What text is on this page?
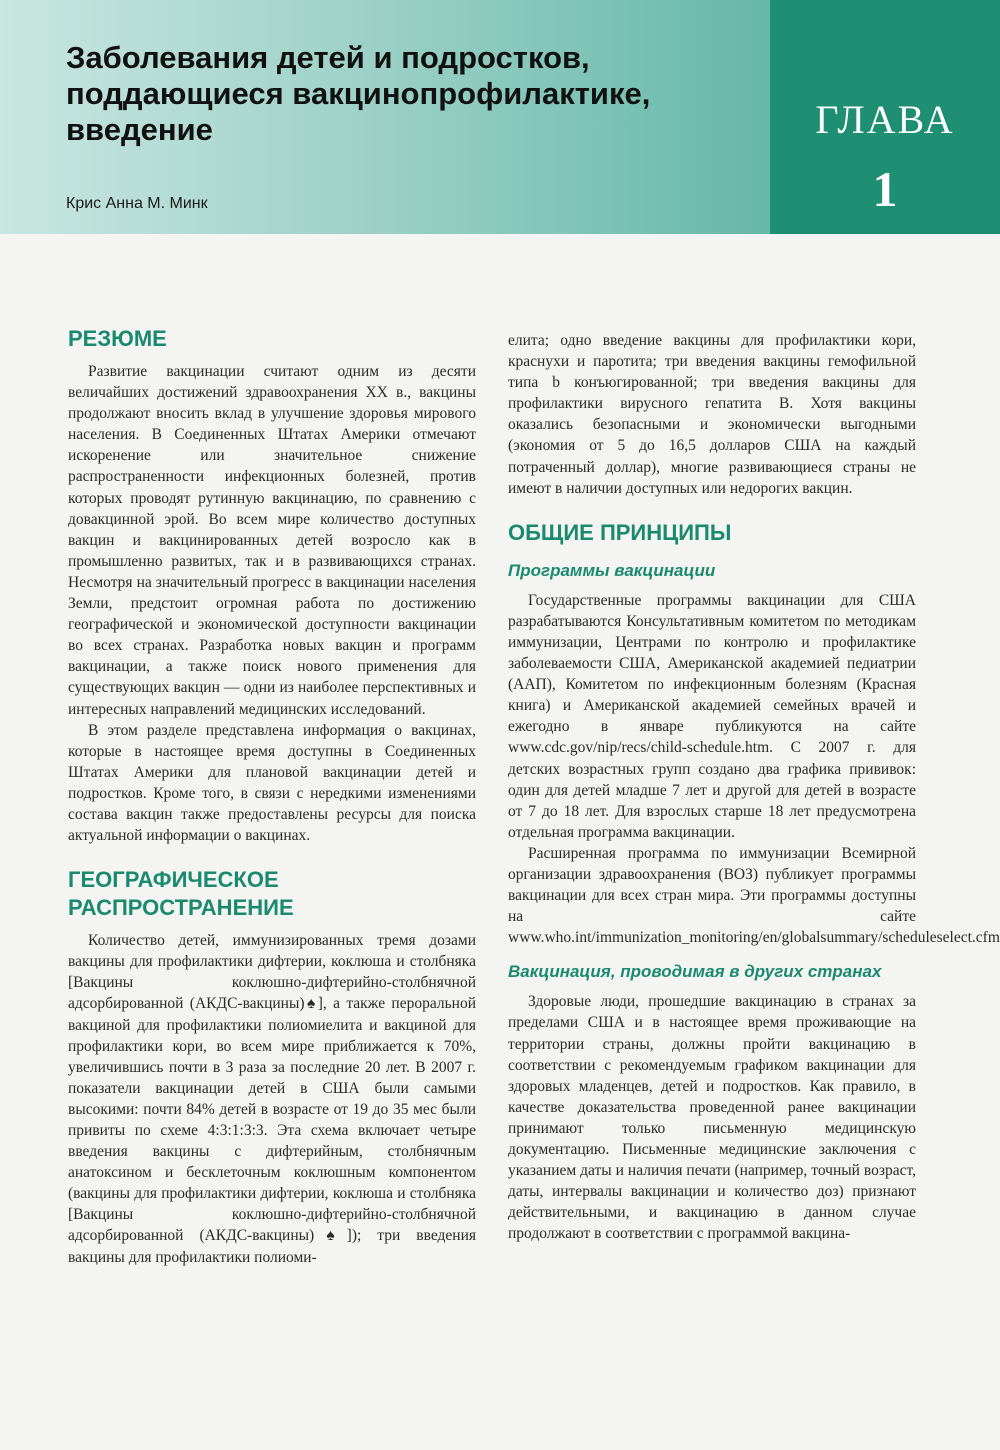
Заболевания детей и подростков,
поддающиеся вакцинопрофилактике,
введение
Крис Анна М. Минк
ГЛАВА
1
РЕЗЮМЕ

Развитие вакцинации считают одним из десяти величайших достижений здравоохранения XX в., вакцины продолжают вносить вклад в улучшение здоровья мирового населения. В Соединенных Штатах Америки отмечают искоренение или значительное снижение распространенности инфекционных болезней, против которых проводят рутинную вакцинацию, по сравнению с довакцинной эрой. Во всем мире количество доступных вакцин и вакцинированных детей возросло как в промышленно развитых, так и в развивающихся странах. Несмотря на значительный прогресс в вакцинации населения Земли, предстоит огромная работа по достижению географической и экономической доступности вакцинации во всех странах. Разработка новых вакцин и программ вакцинации, а также поиск нового применения для существующих вакцин — одни из наиболее перспективных и интересных направлений медицинских исследований.

В этом разделе представлена информация о вакцинах, которые в настоящее время доступны в Соединенных Штатах Америки для плановой вакцинации детей и подростков. Кроме того, в связи с нередкими изменениями состава вакцин также предоставлены ресурсы для поиска актуальной информации о вакцинах.

ГЕОГРАФИЧЕСКОЕ
РАСПРОСТРАНЕНИЕ

Количество детей, иммунизированных тремя дозами вакцины для профилактики дифтерии, коклюша и столбняка [Вакцины коклюшно-дифтерийно-столбнячной адсорбированной (АКДС-вакцины)♠], а также пероральной вакциной для профилактики полиомиелита и вакциной для профилактики кори, во всем мире приближается к 70%, увеличившись почти в 3 раза за последние 20 лет. В 2007 г. показатели вакцинации детей в США были самыми высокими: почти 84% детей в возрасте от 19 до 35 мес были привиты по схеме 4:3:1:3:3. Эта схема включает четыре введения вакцины с дифтерийным, столбнячным анатоксином и бесклеточным коклюшным компонентом (вакцины для профилактики дифтерии, коклюша и столбняка [Вакцины коклюшно-дифтерийно-столбнячной адсорбированной (АКДС-вакцины)♠]); три введения вакцины для профилактики полиоми-

елита; одно введение вакцины для профилактики кори, краснухи и паротита; три введения вакцины гемофильной типа b конъюгированной; три введения вакцины для профилактики вирусного гепатита В. Хотя вакцины оказались безопасными и экономически выгодными (экономия от 5 до 16,5 долларов США на каждый потраченный доллар), многие развивающиеся страны не имеют в наличии доступных или недорогих вакцин.

ОБЩИЕ ПРИНЦИПЫ
Программы вакцинации

Государственные программы вакцинации для США разрабатываются Консультативным комитетом по методикам иммунизации, Центрами по контролю и профилактике заболеваемости США, Американской академией педиатрии (ААП), Комитетом по инфекционным болезням (Красная книга) и Американской академией семейных врачей и ежегодно в январе публикуются на сайте www.cdc.gov/nip/recs/child-schedule.htm. С 2007 г. для детских возрастных групп создано два графика прививок: один для детей младше 7 лет и другой для детей в возрасте от 7 до 18 лет. Для взрослых старше 18 лет предусмотрена отдельная программа вакцинации.

Расширенная программа по иммунизации Всемирной организации здравоохранения (ВОЗ) публикует программы вакцинации для всех стран мира. Эти программы доступны на сайте www.who.int/immunization_monitoring/en/globalsummary/scheduleselect.cfm

Вакцинация, проводимая в других странах

Здоровые люди, прошедшие вакцинацию в странах за пределами США и в настоящее время проживающие на территории страны, должны пройти вакцинацию в соответствии с рекомендуемым графиком вакцинации для здоровых младенцев, детей и подростков. Как правило, в качестве доказательства проведенной ранее вакцинации принимают только письменную медицинскую документацию. Письменные медицинские заключения с указанием даты и наличия печати (например, точный возраст, даты, интервалы вакцинации и количество доз) признают действительными, и вакцинацию в данном случае продолжают в соответствии с программой вакцина-
